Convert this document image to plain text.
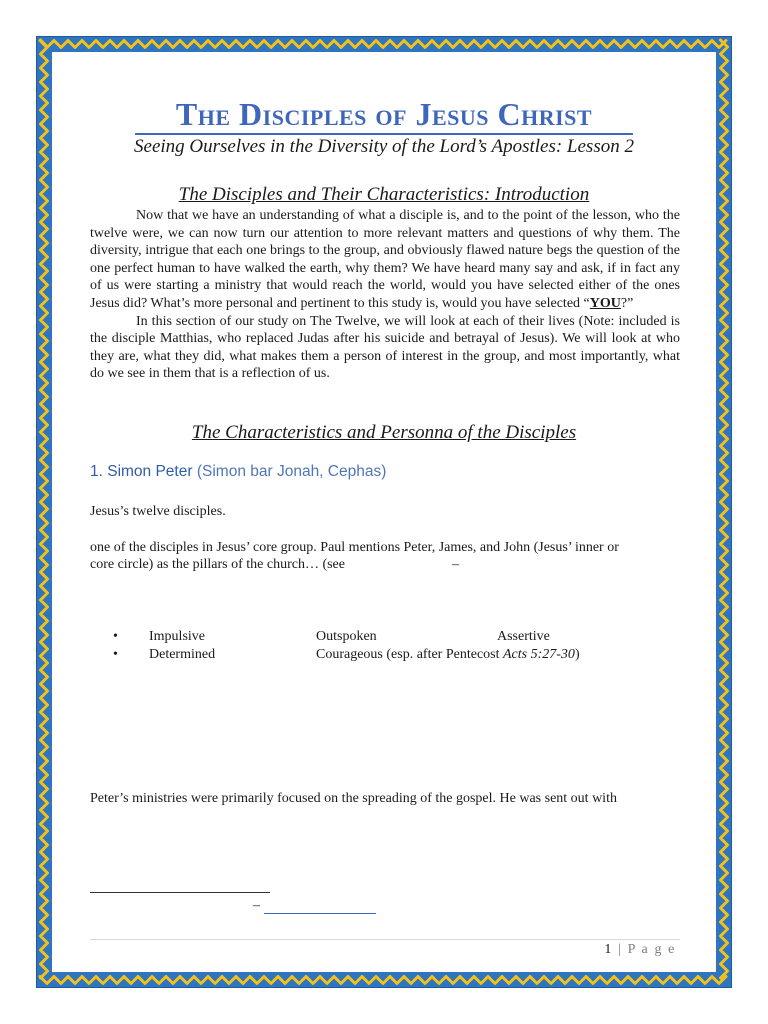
The Disciples of Jesus Christ
Seeing Ourselves in the Diversity of the Lord’s Apostles: Lesson 2
The Disciples and Their Characteristics: Introduction

Now that we have an understanding of what a disciple is, and to the point of the lesson, who the twelve were, we can now turn our attention to more relevant matters and questions of why them. The diversity, intrigue that each one brings to the group, and obviously flawed nature begs the question of the one perfect human to have walked the earth, why them? We have heard many say and ask, if in fact any of us were starting a ministry that would reach the world, would you have selected either of the ones Jesus did? What’s more personal and pertinent to this study is, would you have selected “YOU?”

In this section of our study on The Twelve, we will look at each of their lives (Note: included is the disciple Matthias, who replaced Judas after his suicide and betrayal of Jesus). We will look at who they are, what they did, what makes them a person of interest in the group, and most importantly, what do we see in them that is a reflection of us.

The Characteristics and Personna of the Disciples
1. Simon Peter (Simon bar Jonah, Cephas)
Jesus’s twelve disciples.
one of the disciples in Jesus’ core group. Paul mentions Peter, James, and John (Jesus’ inner or
core circle) as the pillars of the church… (see	–
• Impulsive	Outspoken	Assertive
• Determined	Courageous (esp. after Pentecost Acts 5:27-30)
Peter’s ministries were primarily focused on the spreading of the gospel. He was sent out with
–
1 | P a g e
